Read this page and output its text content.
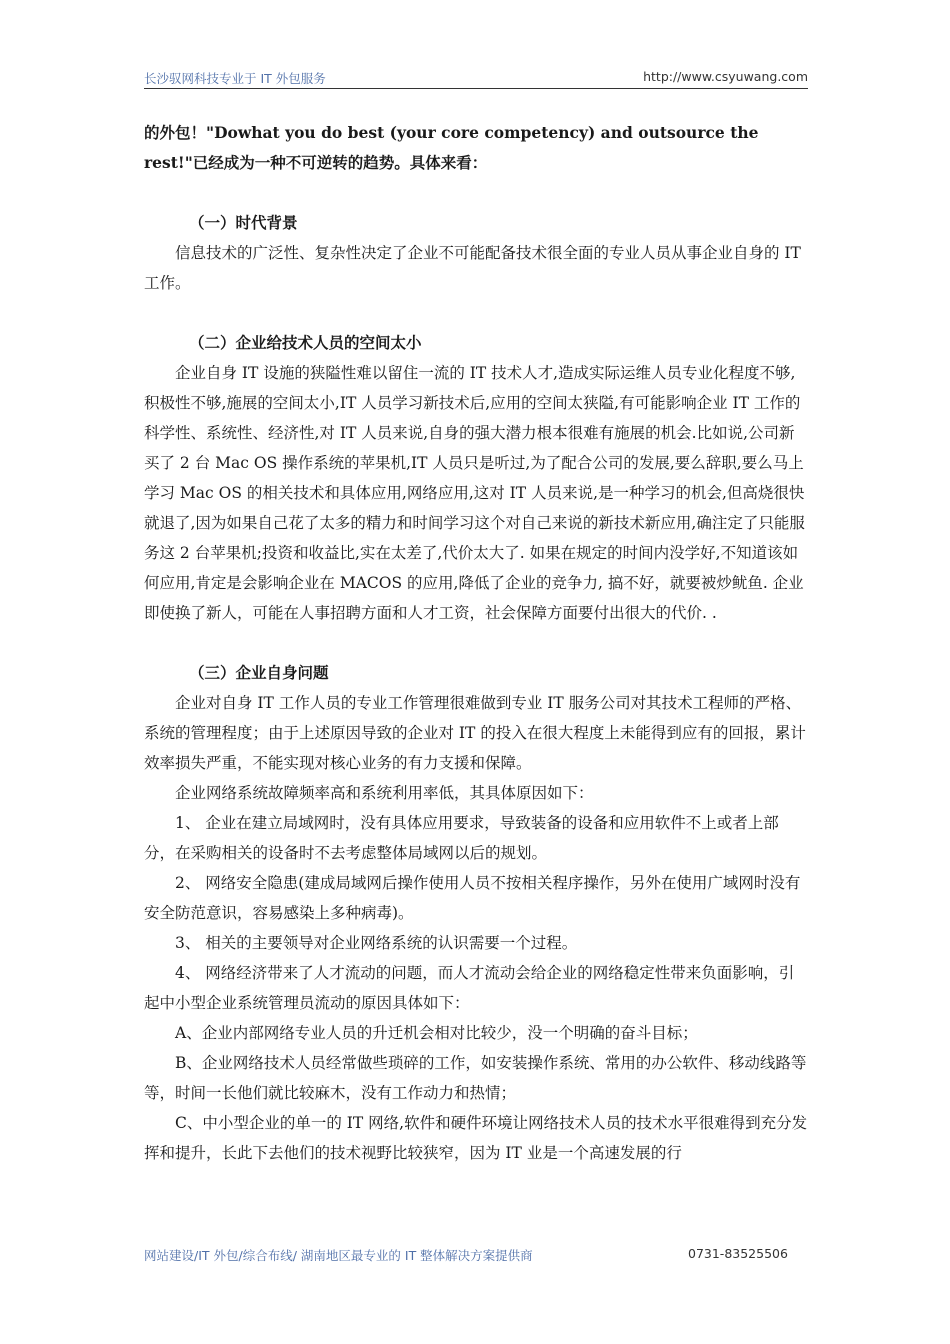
长沙驭网科技专业于 IT 外包服务	http://www.csyuwang.com

的外包！"Dowhat you do best (your core competency) and outsource the rest!"已经成为一种不可逆转的趋势。具体来看：

（一）时代背景

信息技术的广泛性、复杂性决定了企业不可能配备技术很全面的专业人员从事企业自身的 IT 工作。

（二）企业给技术人员的空间太小

企业自身 IT 设施的狭隘性难以留住一流的 IT 技术人才,造成实际运维人员专业化程度不够,积极性不够,施展的空间太小,IT 人员学习新技术后,应用的空间太狭隘,有可能影响企业 IT 工作的科学性、系统性、经济性,对 IT 人员来说,自身的强大潜力根本很难有施展的机会.比如说,公司新买了 2 台 Mac OS 操作系统的苹果机,IT 人员只是听过,为了配合公司的发展,要么辞职,要么马上学习 Mac OS 的相关技术和具体应用,网络应用,这对 IT 人员来说,是一种学习的机会,但高烧很快就退了,因为如果自己花了太多的精力和时间学习这个对自己来说的新技术新应用,确注定了只能服务这 2 台苹果机;投资和收益比,实在太差了,代价太大了. 如果在规定的时间内没学好,不知道该如何应用,肯定是会影响企业在 MACOS 的应用,降低了企业的竞争力, 搞不好，就要被炒鱿鱼. 企业即使换了新人，可能在人事招聘方面和人才工资，社会保障方面要付出很大的代价. .

（三）企业自身问题

企业对自身 IT 工作人员的专业工作管理很难做到专业 IT 服务公司对其技术工程师的严格、系统的管理程度；由于上述原因导致的企业对 IT 的投入在很大程度上未能得到应有的回报，累计效率损失严重，不能实现对核心业务的有力支援和保障。

企业网络系统故障频率高和系统利用率低，其具体原因如下：

1、 企业在建立局域网时，没有具体应用要求，导致装备的设备和应用软件不上或者上部分，在采购相关的设备时不去考虑整体局域网以后的规划。

2、 网络安全隐患(建成局域网后操作使用人员不按相关程序操作，另外在使用广域网时没有安全防范意识，容易感染上多种病毒)。

3、 相关的主要领导对企业网络系统的认识需要一个过程。

4、 网络经济带来了人才流动的问题，而人才流动会给企业的网络稳定性带来负面影响，引起中小型企业系统管理员流动的原因具体如下：

A、企业内部网络专业人员的升迁机会相对比较少，没一个明确的奋斗目标；

B、企业网络技术人员经常做些琐碎的工作，如安装操作系统、常用的办公软件、移动线路等等，时间一长他们就比较麻木，没有工作动力和热情；

C、中小型企业的单一的 IT 网络,软件和硬件环境让网络技术人员的技术水平很难得到充分发挥和提升，长此下去他们的技术视野比较狭窄，因为 IT 业是一个高速发展的行

网站建设/IT 外包/综合布线/ 湖南地区最专业的 IT 整体解决方案提供商	0731-83525506
